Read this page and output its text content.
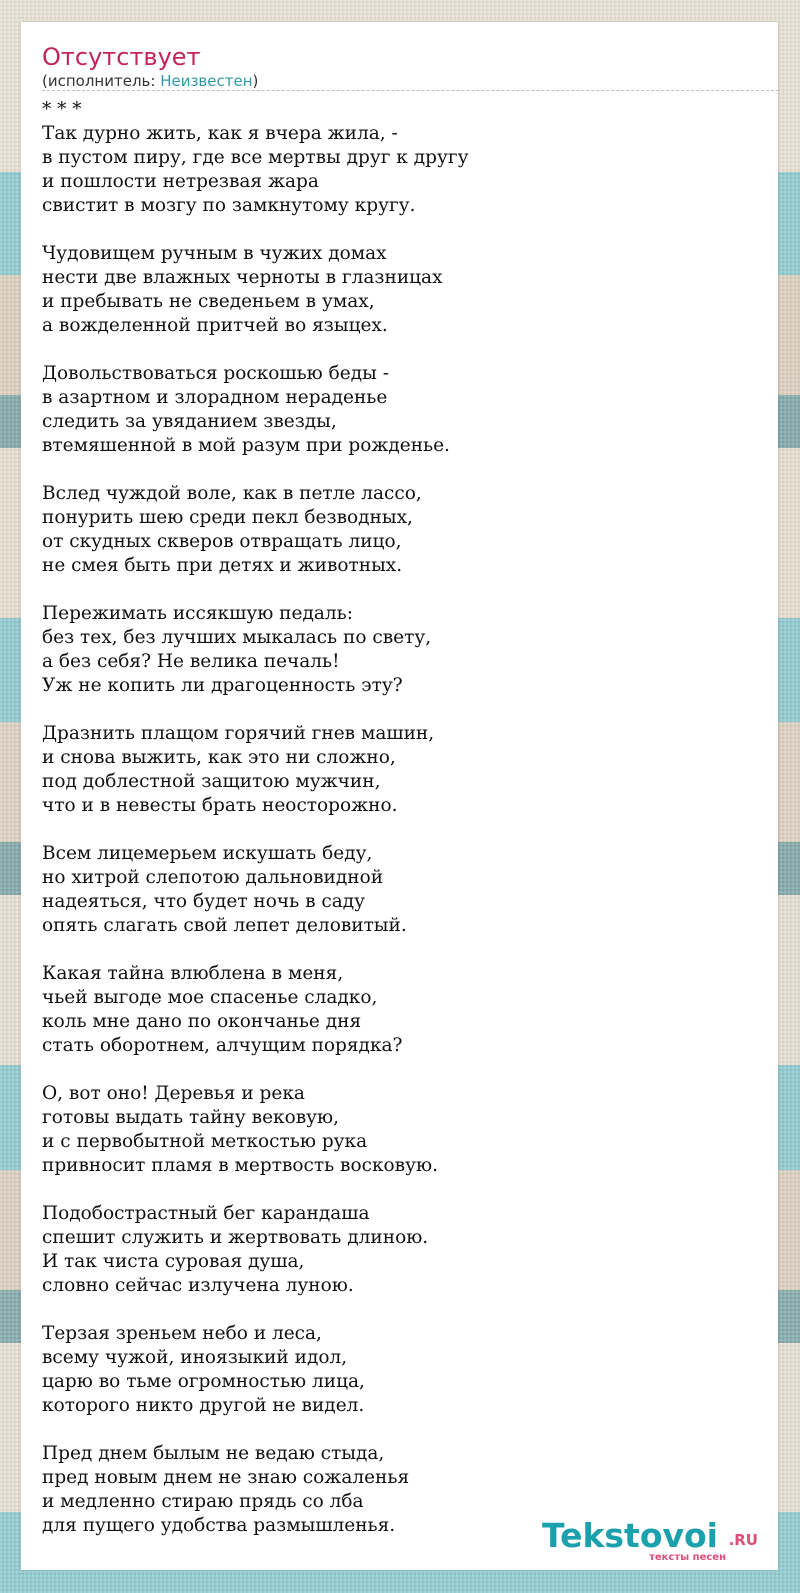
Отсутствует
(исполнитель: Неизвестен)
* * *
Так дурно жить, как я вчера жила, -
в пустом пиру, где все мертвы друг к другу
и пошлости нетрезвая жара
свистит в мозгу по замкнутому кругу.
Чудовищем ручным в чужих домах
нести две влажных черноты в глазницах
и пребывать не сведеньем в умах,
а вожделенной притчей во языцех.
Довольствоваться роскошью беды -
в азартном и злорадном нераденье
следить за увяданием звезды,
втемяшенной в мой разум при рожденье.
Вслед чуждой воле, как в петле лассо,
понурить шею среди пекл безводных,
от скудных скверов отвращать лицо,
не смея быть при детях и животных.
Пережимать иссякшую педаль:
без тех, без лучших мыкалась по свету,
а без себя? Не велика печаль!
Уж не копить ли драгоценность эту?
Дразнить плащом горячий гнев машин,
и снова выжить, как это ни сложно,
под доблестной защитою мужчин,
что и в невесты брать неосторожно.
Всем лицемерьем искушать беду,
но хитрой слепотою дальновидной
надеяться, что будет ночь в саду
опять слагать свой лепет деловитый.
Какая тайна влюблена в меня,
чьей выгоде мое спасенье сладко,
коль мне дано по окончанье дня
стать оборотнем, алчущим порядка?
О, вот оно! Деревья и река
готовы выдать тайну вековую,
и с первобытной меткостью рука
привносит пламя в мертвость восковую.
Подобострастный бег карандаша
спешит служить и жертвовать длиною.
И так чиста суровая душа,
словно сейчас излучена луною.
Терзая зреньем небо и леса,
всему чужой, иноязыкий идол,
царю во тьме огромностью лица,
которого никто другой не видел.
Пред днем былым не ведаю стыда,
пред новым днем не знаю сожаленья
и медленно стираю прядь со лба
для пущего удобства размышленья.	Tekstovoi .RU
тексты песен
